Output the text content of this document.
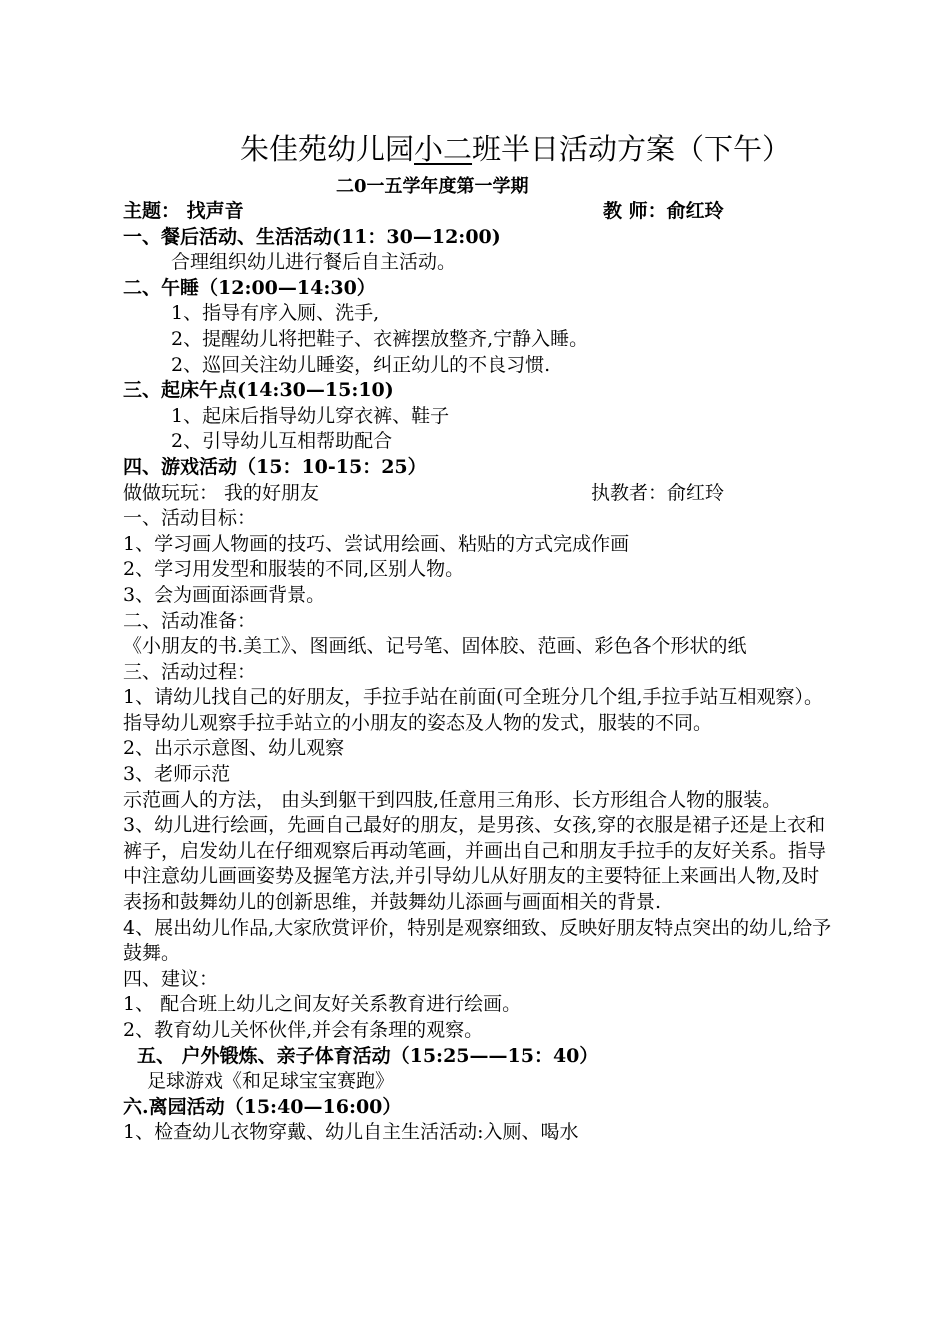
朱佳苑幼儿园小二班半日活动方案（下午）
二0一五学年度第一学期
主题： 找声音	教 师：俞红玲
一、餐后活动、生活活动(11：30—12:00)
合理组织幼儿进行餐后自主活动。
二、午睡（12:00—14:30）
1、指导有序入厕、洗手,
2、提醒幼儿将把鞋子、衣裤摆放整齐,宁静入睡。
2、巡回关注幼儿睡姿，纠正幼儿的不良习惯.
三、起床午点(14:30—15:10)
1、起床后指导幼儿穿衣裤、鞋子
2、引导幼儿互相帮助配合
四、游戏活动（15：10-15：25）
做做玩玩： 我的好朋友	执教者：俞红玲
一、活动目标：
1、学习画人物画的技巧、尝试用绘画、粘贴的方式完成作画
2、学习用发型和服装的不同,区别人物。
3、会为画面添画背景。
二、活动准备：
《小朋友的书.美工》、图画纸、记号笔、固体胶、范画、彩色各个形状的纸
三、活动过程：
1、请幼儿找自己的好朋友，手拉手站在前面(可全班分几个组,手拉手站互相观察）。指导幼儿观察手拉手站立的小朋友的姿态及人物的发式，服装的不同。
2、出示示意图、幼儿观察
3、老师示范
示范画人的方法， 由头到躯干到四肢,任意用三角形、长方形组合人物的服装。
3、幼儿进行绘画，先画自己最好的朋友，是男孩、女孩,穿的衣服是裙子还是上衣和裤子，启发幼儿在仔细观察后再动笔画，并画出自己和朋友手拉手的友好关系。指导中注意幼儿画画姿势及握笔方法,并引导幼儿从好朋友的主要特征上来画出人物,及时表扬和鼓舞幼儿的创新思维，并鼓舞幼儿添画与画面相关的背景.
4、展出幼儿作品,大家欣赏评价，特别是观察细致、反映好朋友特点突出的幼儿,给予鼓舞。
四、建议：
1、 配合班上幼儿之间友好关系教育进行绘画。
2、教育幼儿关怀伙伴,并会有条理的观察。
五、 户外锻炼、亲子体育活动（15:25——15：40）
足球游戏《和足球宝宝赛跑》
六.离园活动（15:40—16:00）
1、检查幼儿衣物穿戴、幼儿自主生活活动:入厕、喝水
